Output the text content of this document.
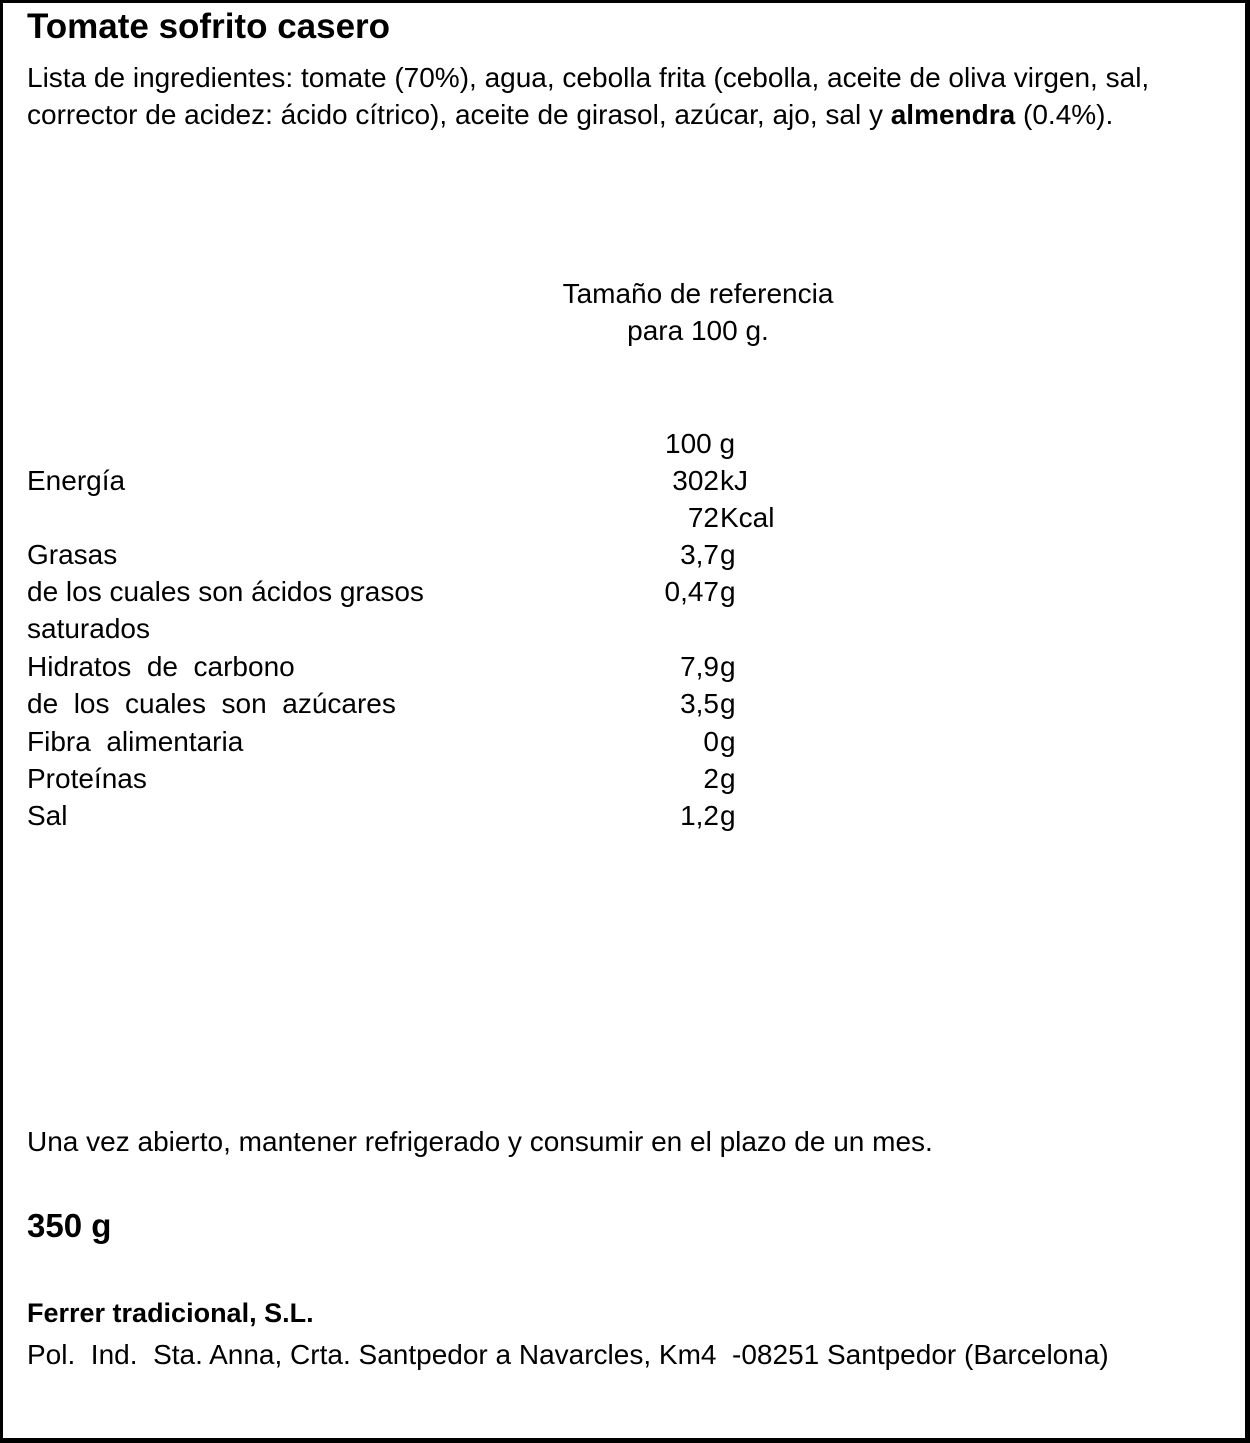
Tomate sofrito casero
Lista de ingredientes: tomate (70%), agua, cebolla frita (cebolla, aceite de oliva virgen, sal, corrector de acidez: ácido cítrico), aceite de girasol, azúcar, ajo, sal y almendra (0.4%).
Tamaño de referencia
para 100 g.
100 g
Energía	302 kJ
72 Kcal
Grasas	3,7 g
de los cuales son ácidos grasos	0,47 g
saturados
Hidratos  de  carbono	7,9 g
de  los  cuales  son  azúcares	3,5 g
Fibra  alimentaria	0 g
Proteínas	2 g
Sal	1,2 g
Una vez abierto, mantener refrigerado y consumir en el plazo de un mes.
350 g
Ferrer tradicional, S.L.
Pol.  Ind.  Sta. Anna, Crta. Santpedor a Navarcles, Km4  -08251 Santpedor (Barcelona)
